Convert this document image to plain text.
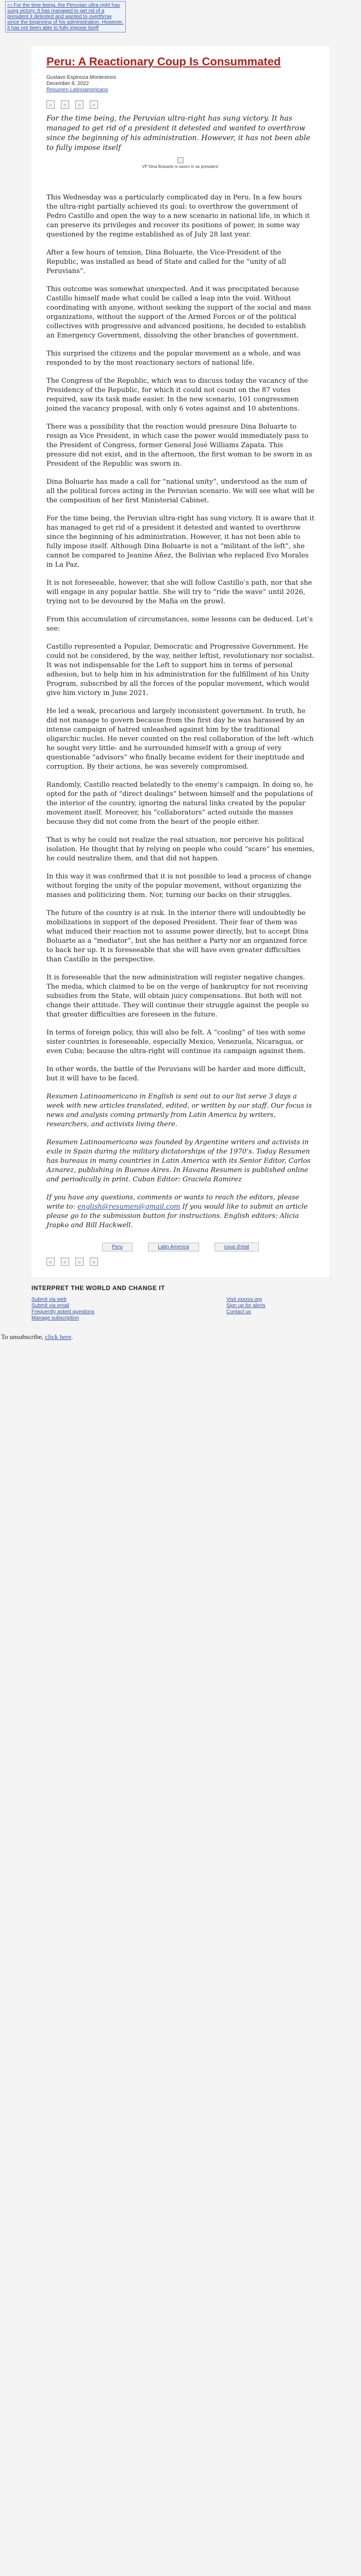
▭ For the time being, the Peruvian ultra-right has sung victory. It has managed to get rid of a president it detested and wanted to overthrow since the beginning of his administration. However, it has not been able to fully impose itself
Peru: A Reactionary Coup Is Consummated
Gustavo Espinoza Montesinos
December 8, 2022
Resumen Latinoamericano
▫	▫	▫	▫
For the time being, the Peruvian ultra-right has sung victory. It has managed to get rid of a president it detested and wanted to overthrow since the beginning of his administration. However, it has not been able to fully impose itself
VP Dina Boluarte is sworn in as president.

This Wednesday was a particularly complicated day in Peru. In a few hours the ultra-right partially achieved its goal: to overthrow the government of Pedro Castillo and open the way to a new scenario in national life, in which it can preserve its privileges and recover its positions of power, in some way questioned by the regime established as of July 28 last year.

After a few hours of tension, Dina Boluarte, the Vice-President of the Republic, was installed as head of State and called for the “unity of all Peruvians”.

This outcome was somewhat unexpected. And it was precipitated because Castillo himself made what could be called a leap into the void. Without coordinating with anyone, without seeking the support of the social and mass organizations, without the support of the Armed Forces or of the political collectives with progressive and advanced positions, he decided to establish an Emergency Government, dissolving the other branches of government.

This surprised the citizens and the popular movement as a whole, and was responded to by the most reactionary sectors of national life.

The Congress of the Republic, which was to discuss today the vacancy of the Presidency of the Republic, for which it could not count on the 87 votes required, saw its task made easier. In the new scenario, 101 congressmen joined the vacancy proposal, with only 6 votes against and 10 abstentions.

There was a possibility that the reaction would pressure Dina Boluarte to resign as Vice President, in which case the power would immediately pass to the President of Congress, former General José Williams Zapata. This pressure did not exist, and in the afternoon, the first woman to be sworn in as President of the Republic was sworn in.

Dina Boluarte has made a call for “national unity”, understood as the sum of all the political forces acting in the Peruvian scenario. We will see what will be the composition of her first Ministerial Cabinet.

For the time being, the Peruvian ultra-right has sung victory. It is aware that it has managed to get rid of a president it detested and wanted to overthrow since the beginning of his administration. However, it has not been able to fully impose itself. Although Dina Boluarte is not a “militant of the left”, she cannot be compared to Jeanine Áñez, the Bolivian who replaced Evo Morales in La Paz.

It is not foreseeable, however, that she will follow Castillo’s path, nor that she will engage in any popular battle. She will try to “ride the wave” until 2026, trying not to be devoured by the Mafia on the prowl.

From this accumulation of circumstances, some lessons can be deduced. Let’s see:

Castillo represented a Popular, Democratic and Progressive Government. He could not be considered, by the way, neither leftist, revolutionary nor socialist. It was not indispensable for the Left to support him in terms of personal adhesion, but to help him in his administration for the fulfillment of his Unity Program, subscribed by all the forces of the popular movement, which would give him victory in June 2021.

He led a weak, precarious and largely inconsistent government. In truth, he did not manage to govern because from the first day he was harassed by an intense campaign of hatred unleashed against him by the traditional oligarchic nuclei. He never counted on the real collaboration of the left -which he sought very little- and he surrounded himself with a group of very questionable “advisors” who finally became evident for their ineptitude and corruption. By their actions, he was severely compromised.

Randomly, Castillo reacted belatedly to the enemy’s campaign. In doing so, he opted for the path of “direct dealings” between himself and the populations of the interior of the country, ignoring the natural links created by the popular movement itself. Moreover, his “collaborators” acted outside the masses because they did not come from the heart of the people either.

That is why he could not realize the real situation, nor perceive his political isolation. He thought that by relying on people who could “scare” his enemies, he could neutralize them, and that did not happen.

In this way it was confirmed that it is not possible to lead a process of change without forging the unity of the popular movement, without organizing the masses and politicizing them. Nor, turning our backs on their struggles.

The future of the country is at risk. In the interior there will undoubtedly be mobilizations in support of the deposed President. Their fear of them was what induced their reaction not to assume power directly, but to accept Dina Boluarte as a “mediator”, but she has neither a Party nor an organized force to back her up. It is foreseeable that she will have even greater difficulties than Castillo in the perspective.

It is foreseeable that the new administration will register negative changes. The media, which claimed to be on the verge of bankruptcy for not receiving subsidies from the State, will obtain juicy compensations. But both will not change their attitude. They will continue their struggle against the people so that greater difficulties are foreseen in the future.

In terms of foreign policy, this will also be felt. A “cooling” of ties with some sister countries is foreseeable, especially Mexico, Venezuela, Nicaragua, or even Cuba; because the ultra-right will continue its campaign against them.

In other words, the battle of the Peruvians will be harder and more difficult, but it will have to be faced.

Resumen Latinoamericano in English is sent out to our list serve 3 days a week with new articles translated, edited, or written by our staff. Our focus is news and analysis coming primarily from Latin America by writers, researchers, and activists living there.

Resumen Latinoamericano was founded by Argentine writers and activists in exile in Spain during the military dictatorships of the 1970’s. Today Resumen has bureaus in many countries in Latin America with its Senior Editor, Carlos Aznarez, publishing in Buenos Aires. In Havana Resumen is published online and periodically in print. Cuban Editor: Graciela Ramirez

If you have any questions, comments or wants to reach the editors, please write to: english@resumen@gmail.com If you would like to submit an article please go to the submission button for instructions. English editors: Alicia Jrapko and Bill Hackwell.

Peru	Latin America	coup d'etat
▫	▫	▫	▫
INTERPRET THE WORLD AND CHANGE IT
Submit via web
Submit via email
Frequently asked questions
Manage subscription
Visit xxxxxx.org
Sign up for alerts
Contact us
To unsubscribe, click here.
